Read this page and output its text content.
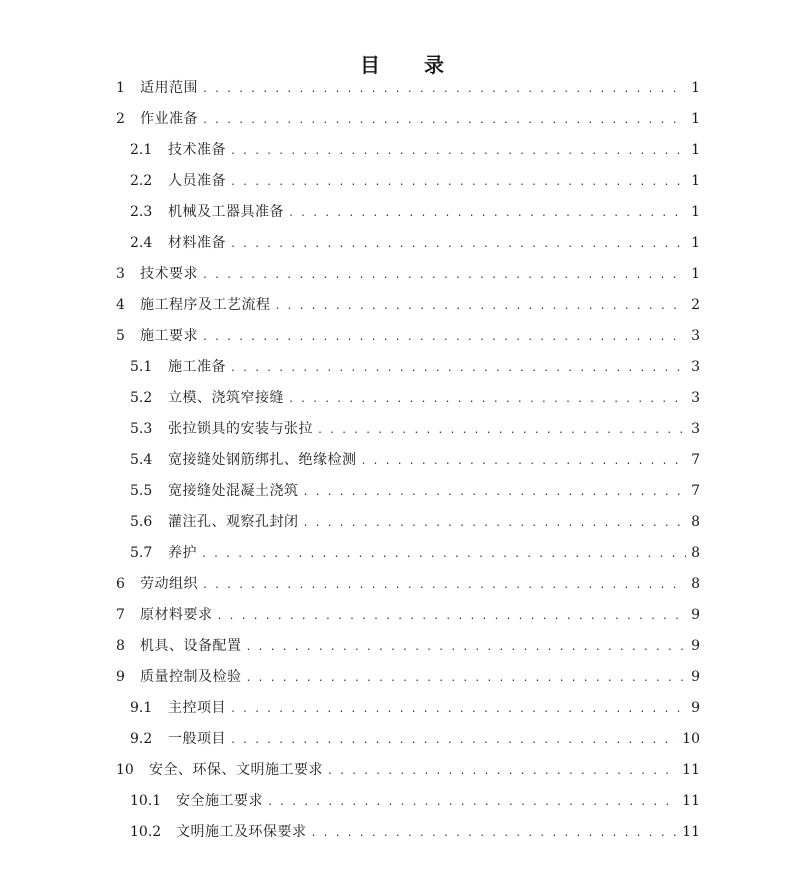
目　录
1	适用范围 . . .	1
2	作业准备 . . .	1
2.1	技术准备 . . .	1
2.2	人员准备 . . .	1
2.3	机械及工器具准备 . . .	1
2.4	材料准备 . . .	1
3	技术要求 . . .	1
4	施工程序及工艺流程 . . .	2
5	施工要求 . . .	3
5.1	施工准备 . . .	3
5.2	立模、浇筑窄接缝 . . .	3
5.3	张拉锁具的安装与张拉 . . .	3
5.4	宽接缝处钢筋绑扎、绝缘检测 . . .	7
5.5	宽接缝处混凝土浇筑 . . .	7
5.6	灌注孔、观察孔封闭 . . .	8
5.7	养护 . . .	8
6	劳动组织 . . .	8
7	原材料要求 . . .	9
8	机具、设备配置 . . .	9
9	质量控制及检验 . . .	9
9.1	主控项目 . . .	9
9.2	一般项目 . . .	10
10	安全、环保、文明施工要求 . . .	11
10.1	安全施工要求 . . .	11
10.2	文明施工及环保要求 . . .	11
